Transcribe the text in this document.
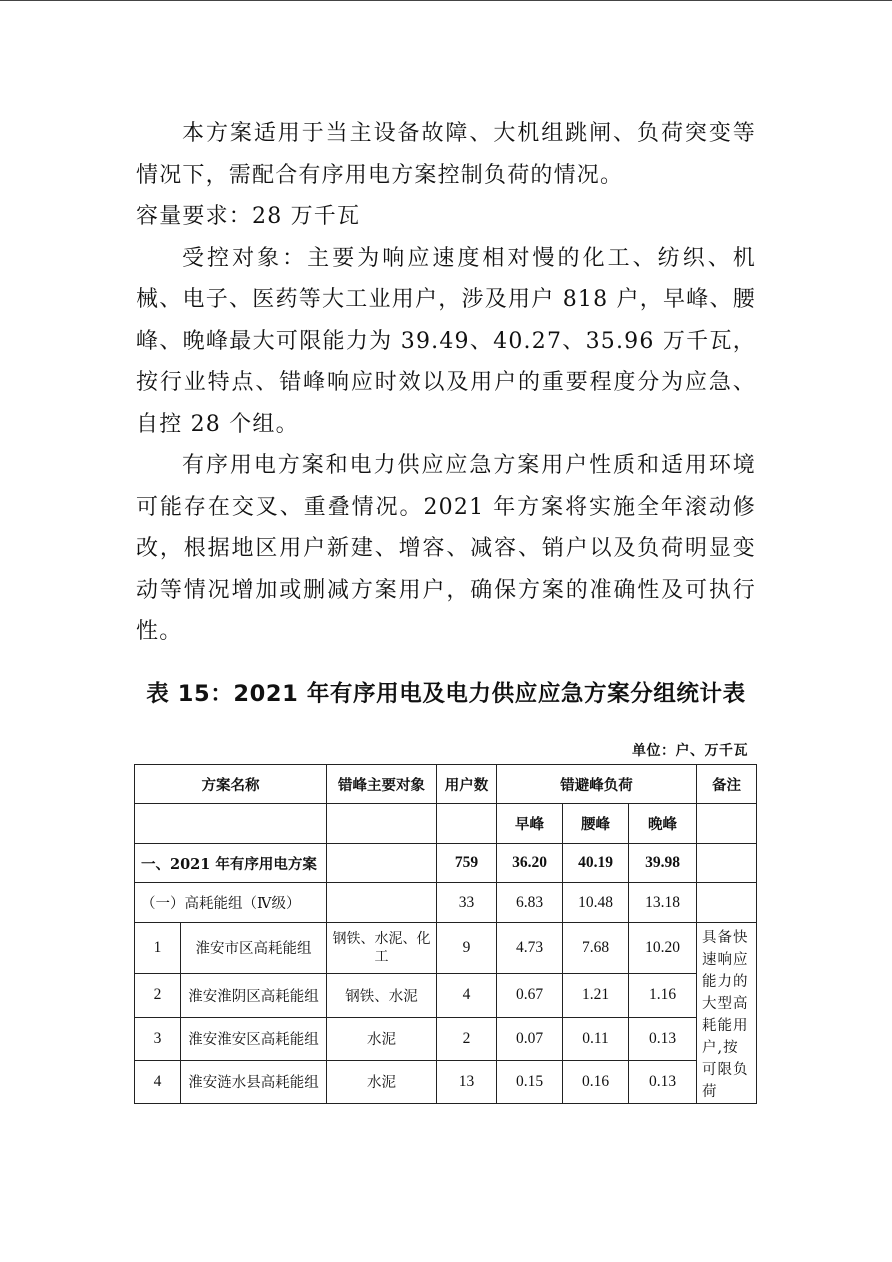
本方案适用于当主设备故障、大机组跳闸、负荷突变等情况下，需配合有序用电方案控制负荷的情况。

容量要求：28 万千瓦

受控对象：主要为响应速度相对慢的化工、纺织、机械、电子、医药等大工业用户，涉及用户 818 户，早峰、腰峰、晚峰最大可限能力为 39.49、40.27、35.96 万千瓦，按行业特点、错峰响应时效以及用户的重要程度分为应急、自控 28 个组。

有序用电方案和电力供应应急方案用户性质和适用环境可能存在交叉、重叠情况。2021 年方案将实施全年滚动修改，根据地区用户新建、增容、减容、销户以及负荷明显变动等情况增加或删减方案用户，确保方案的准确性及可执行性。

表 15：2021 年有序用电及电力供应应急方案分组统计表
单位：户、万千瓦
方案名称		错峰主要对象	用户数	错避峰负荷			备注
				早峰	腰峰	晚峰	
一、2021 年有序用电方案			759	36.20	40.19	39.98	
（一）高耗能组（Ⅳ级）			33	6.83	10.48	13.18	
1	淮安市区高耗能组	钢铁、水泥、化工	9	4.73	7.68	10.20	具备快速响应能力的大型高耗能用户,按可限负荷
2	淮安淮阴区高耗能组	钢铁、水泥	4	0.67	1.21	1.16	
3	淮安淮安区高耗能组	水泥	2	0.07	0.11	0.13	
4	淮安涟水县高耗能组	水泥	13	0.15	0.16	0.13	
